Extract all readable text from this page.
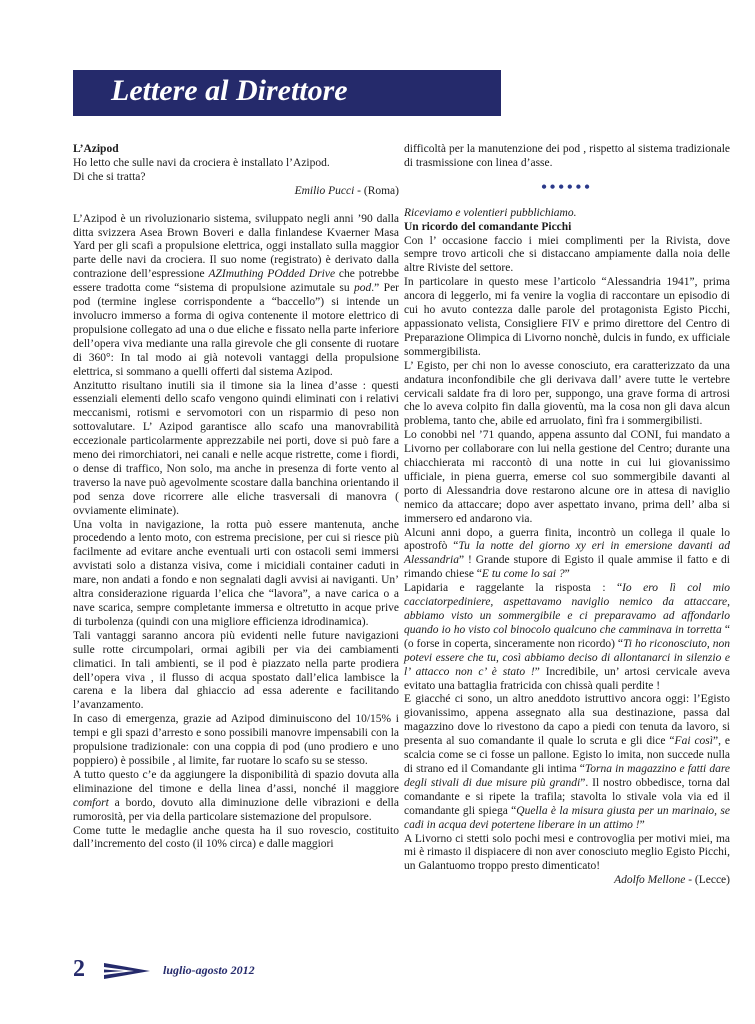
Lettere al Direttore

L’Azipod

Ho letto che sulle navi da crociera è installato l’Azipod.

Di che si tratta?

Emilio Pucci - (Roma)

L’Azipod è un rivoluzionario sistema, sviluppato negli anni ’90 dalla ditta svizzera Asea Brown Boveri e dalla finlandese Kvaerner Masa Yard per gli scafi a propulsione elettrica, oggi installato sulla maggior parte delle navi da crociera. Il suo nome (registrato) è derivato dalla contrazione dell’espressione AZImuthing POdded Drive che potrebbe essere tradotta come “sistema di propulsione azimutale su pod.” Per pod (termine inglese corrispondente a “baccello”) si intende un involucro immerso a forma di ogiva contenente il motore elettrico di propulsione collegato ad una o due eliche e fissato nella parte inferiore dell’opera viva mediante una ralla girevole che gli consente di ruotare di 360°: In tal modo ai già notevoli vantaggi della propulsione elettrica, si sommano a quelli offerti dal sistema Azipod.

Anzitutto risultano inutili sia il timone sia la linea d’asse : questi essenziali elementi dello scafo vengono quindi eliminati con i relativi meccanismi, rotismi e servomotori con un risparmio di peso non sottovalutare. L’ Azipod garantisce allo scafo una manovrabilità eccezionale particolarmente apprezzabile nei porti, dove si può fare a meno dei rimorchiatori, nei canali e nelle acque ristrette, come i fiordi, o dense di traffico, Non solo, ma anche in presenza di forte vento al traverso la nave può agevolmente scostare dalla banchina orientando il pod senza dove ricorrere alle eliche trasversali di manovra ( ovviamente eliminate).

Una volta in navigazione, la rotta può essere mantenuta, anche procedendo a lento moto, con estrema precisione, per cui si riesce più facilmente ad evitare anche eventuali urti con ostacoli semi immersi avvistati solo a distanza visiva, come i micidiali container caduti in mare, non andati a fondo e non segnalati dagli avvisi ai naviganti. Un’ altra considerazione riguarda l’elica che “lavora”, a nave carica o a nave scarica, sempre completante immersa e oltretutto in acque prive di turbolenza (quindi con una migliore efficienza idrodinamica).

Tali vantaggi saranno ancora più evidenti nelle future navigazioni sulle rotte circumpolari, ormai agibili per via dei cambiamenti climatici. In tali ambienti, se il pod è piazzato nella parte prodiera dell’opera viva , il flusso di acqua spostato dall’elica lambisce la carena e la libera dal ghiaccio ad essa aderente e facilitando l’avanzamento.

In caso di emergenza, grazie ad Azipod diminuiscono del 10/15% i tempi e gli spazi d’arresto e sono possibili manovre impensabili con la propulsione tradizionale: con una coppia di pod (uno prodiero e uno poppiero) è possibile , al limite, far ruotare lo scafo su se stesso.

A tutto questo c’e da aggiungere la disponibilità di spazio dovuta alla eliminazione del timone e della linea d’assi, nonché il maggiore comfort a bordo, dovuto alla diminuzione delle vibrazioni e della rumorosità, per via della particolare sistemazione del propulsore.

Come tutte le medaglie anche questa ha il suo rovescio, costituito dall’incremento del costo (il 10% circa) e dalle maggiori

difficoltà per la manutenzione dei pod , rispetto al sistema tradizionale di trasmissione con linea d’asse.

••••••

Riceviamo e volentieri pubblichiamo.

Un ricordo del comandante Picchi

Con l’ occasione faccio i miei complimenti per la Rivista, dove sempre trovo articoli che si distaccano ampiamente dalla noia delle altre Riviste del settore.

In particolare in questo mese l’articolo “Alessandria 1941”, prima ancora di leggerlo, mi fa venire la voglia di raccontare un episodio di cui ho avuto contezza dalle parole del protagonista Egisto Picchi, appassionato velista, Consigliere FIV e primo direttore del Centro di Preparazione Olimpica di Livorno nonchè, dulcis in fundo, ex ufficiale sommergibilista.

L’ Egisto, per chi non lo avesse conosciuto, era caratterizzato da una andatura inconfondibile che gli derivava dall’ avere tutte le vertebre cervicali saldate fra di loro per, suppongo, una grave forma di artrosi che lo aveva colpito fin dalla gioventù, ma la cosa non gli dava alcun problema, tanto che, abile ed arruolato, finì fra i sommergibilisti.

Lo conobbi nel ’71 quando, appena assunto dal CONI, fui mandato a Livorno per collaborare con lui nella gestione del Centro; durante una chiacchierata mi raccontò di una notte in cui lui giovanissimo ufficiale, in piena guerra, emerse col suo sommergibile davanti al porto di Alessandria dove restarono alcune ore in attesa di naviglio nemico da attaccare; dopo aver aspettato invano, prima dell’ alba si immersero ed andarono via.

Alcuni anni dopo, a guerra finita, incontrò un collega il quale lo apostrofò “Tu la notte del giorno xy eri in emersione davanti ad Alessandria” ! Grande stupore di Egisto il quale ammise il fatto e di rimando chiese “E tu come lo sai ?”

Lapidaria e raggelante la risposta : “Io ero lì col mio cacciatorpediniere, aspettavamo naviglio nemico da attaccare, abbiamo visto un sommergibile e ci preparavamo ad affondarlo quando io ho visto col binocolo qualcuno che camminava in torretta “ (o forse in coperta, sinceramente non ricordo) “Ti ho riconosciuto, non potevi essere che tu, così abbiamo deciso di allontanarci in silenzio e l’ attacco non c’ è stato !” Incredibile, un’ artosi cervicale aveva evitato una battaglia fratricida con chissà quali perdite !

E giacché ci sono, un altro aneddoto istruttivo ancora oggi: l’Egisto giovanissimo, appena assegnato alla sua destinazione, passa dal magazzino dove lo rivestono da capo a piedi con tenuta da lavoro, si presenta al suo comandante il quale lo scruta e gli dice “Fai così”, e scalcia come se ci fosse un pallone. Egisto lo imita, non succede nulla di strano ed il Comandante gli intima “Torna in magazzino e fatti dare degli stivali di due misure più grandi”. Il nostro obbedisce, torna dal comandante e si ripete la trafila; stavolta lo stivale vola via ed il comandante gli spiega “Quella è la misura giusta per un marinaio, se cadi in acqua devi potertene liberare in un attimo !”

A Livorno ci stetti solo pochi mesi e controvoglia per motivi miei, ma mi è rimasto il dispiacere di non aver conosciuto meglio Egisto Picchi, un Galantuomo troppo presto dimenticato!

Adolfo Mellone - (Lecce)

2	luglio-agosto 2012
